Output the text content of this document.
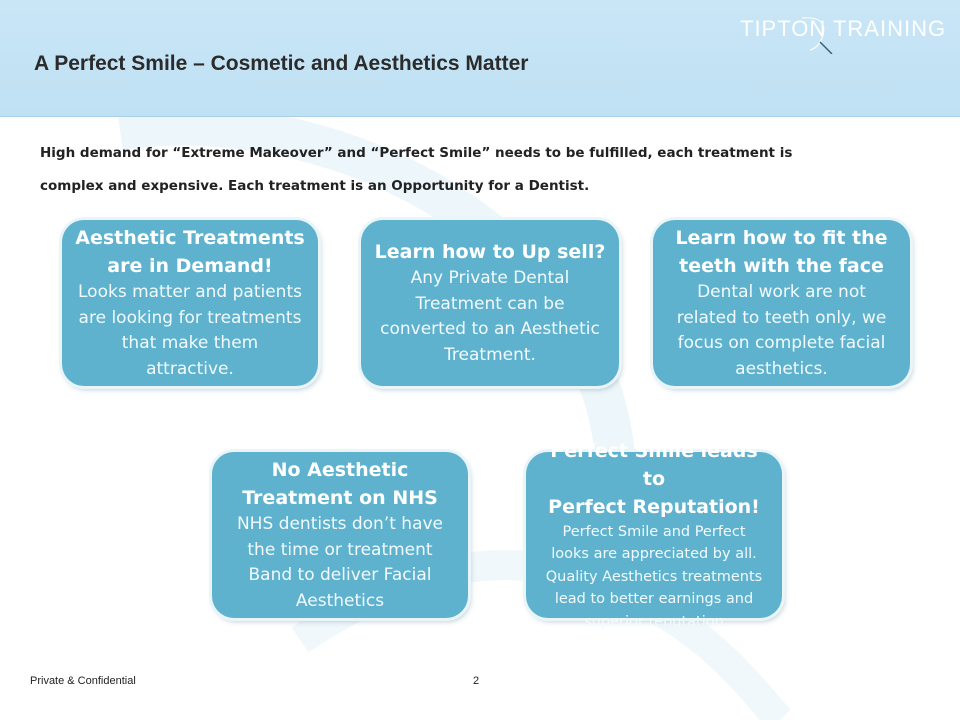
A Perfect Smile – Cosmetic and Aesthetics Matter
TIPTON TRAINING

High demand for “Extreme Makeover” and “Perfect Smile” needs to be fulfilled, each treatment is

complex and expensive. Each treatment is an Opportunity for a Dentist.

Aesthetic Treatments
are in Demand!
Looks matter and patients
are looking for treatments
that make them
attractive.
Learn how to Up sell?
Any Private Dental
Treatment can be
converted to an Aesthetic
Treatment.
Learn how to fit the
teeth with the face
Dental work are not
related to teeth only, we
focus on complete facial
aesthetics.
No Aesthetic
Treatment on NHS
NHS dentists don’t have
the time or treatment
Band to deliver Facial
Aesthetics
Perfect Smile leads to
Perfect Reputation!
Perfect Smile and Perfect
looks are appreciated by all.
Quality Aesthetics treatments
lead to better earnings and
superior reputation
Private & Confidential	2
